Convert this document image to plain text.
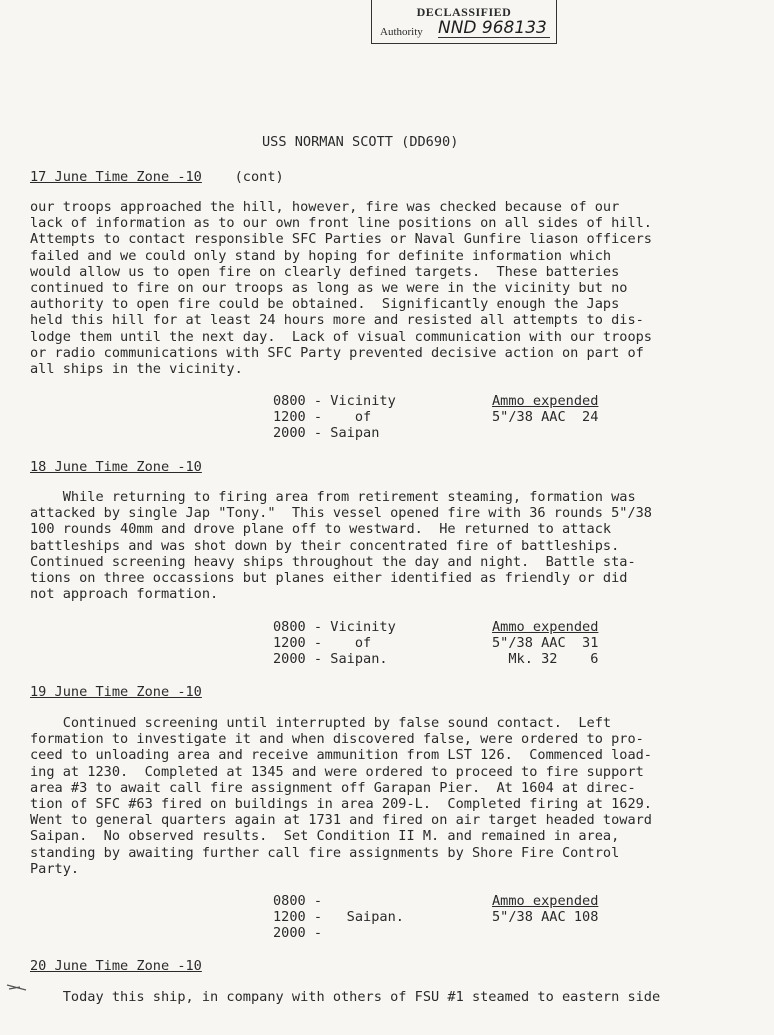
DECLASSIFIED
Authority NND 968133
USS NORMAN SCOTT (DD690)
17 June Time Zone -10    (cont)
our troops approached the hill, however, fire was checked because of our
lack of information as to our own front line positions on all sides of hill.
Attempts to contact responsible SFC Parties or Naval Gunfire liason officers
failed and we could only stand by hoping for definite information which
would allow us to open fire on clearly defined targets.  These batteries
continued to fire on our troops as long as we were in the vicinity but no
authority to open fire could be obtained.  Significantly enough the Japs
held this hill for at least 24 hours more and resisted all attempts to dis-
lodge them until the next day.  Lack of visual communication with our troops
or radio communications with SFC Party prevented decisive action on part of
all ships in the vicinity.
0800 - Vicinity
1200 -    of
2000 - Saipan
Ammo expended
5"/38 AAC  24
18 June Time Zone -10
While returning to firing area from retirement steaming, formation was
attacked by single Jap "Tony."  This vessel opened fire with 36 rounds 5"/38
100 rounds 40mm and drove plane off to westward.  He returned to attack
battleships and was shot down by their concentrated fire of battleships.
Continued screening heavy ships throughout the day and night.  Battle sta-
tions on three occassions but planes either identified as friendly or did
not approach formation.
0800 - Vicinity
1200 -    of
2000 - Saipan.
Ammo expended
5"/38 AAC  31
Mk. 32    6
19 June Time Zone -10
Continued screening until interrupted by false sound contact.  Left
formation to investigate it and when discovered false, were ordered to pro-
ceed to unloading area and receive ammunition from LST 126.  Commenced load-
ing at 1230.  Completed at 1345 and were ordered to proceed to fire support
area #3 to await call fire assignment off Garapan Pier.  At 1604 at direc-
tion of SFC #63 fired on buildings in area 209-L.  Completed firing at 1629.
Went to general quarters again at 1731 and fired on air target headed toward
Saipan.  No observed results.  Set Condition II M. and remained in area,
standing by awaiting further call fire assignments by Shore Fire Control
Party.
0800 -
1200 -   Saipan.
2000 -
Ammo expended
5"/38 AAC 108
20 June Time Zone -10
Today this ship, in company with others of FSU #1 steamed to eastern side
